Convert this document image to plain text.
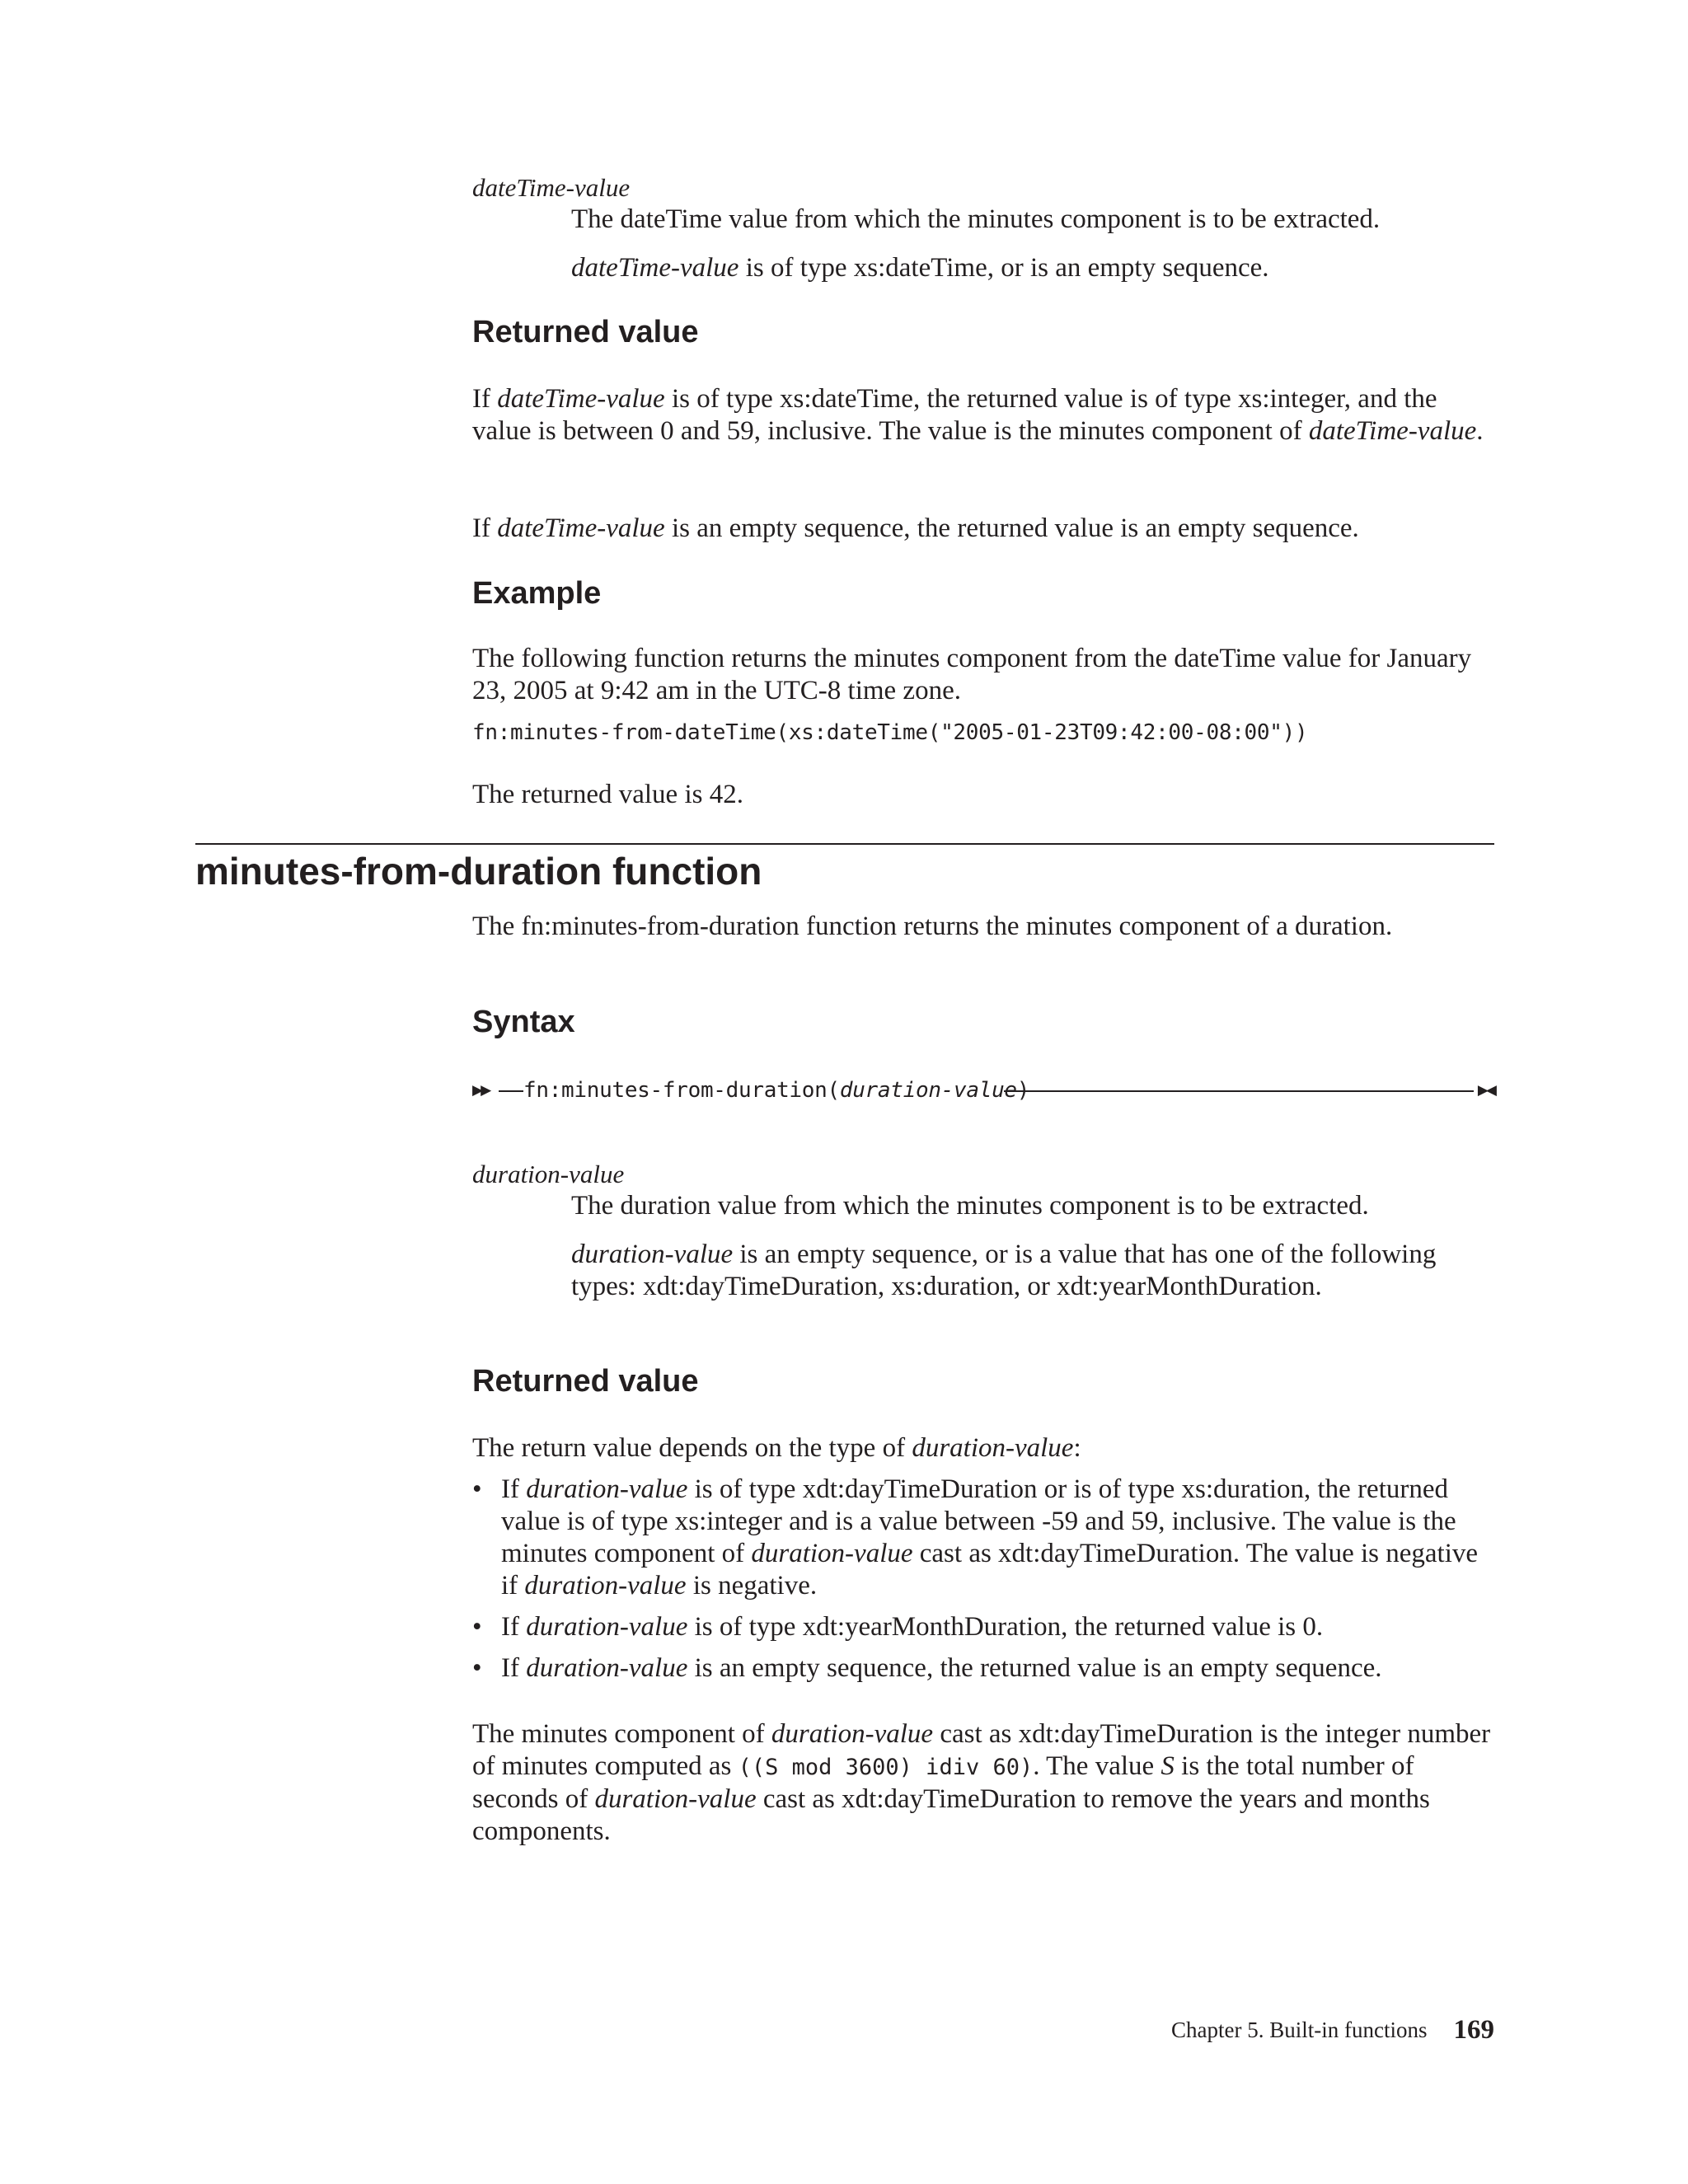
dateTime-value

The dateTime value from which the minutes component is to be extracted.

dateTime-value is of type xs:dateTime, or is an empty sequence.

Returned value

If dateTime-value is of type xs:dateTime, the returned value is of type xs:integer, and the value is between 0 and 59, inclusive. The value is the minutes component of dateTime-value.

If dateTime-value is an empty sequence, the returned value is an empty sequence.

Example
The following function returns the minutes component from the dateTime value for January 23, 2005 at 9:42 am in the UTC-8 time zone.
fn:minutes-from-dateTime(xs:dateTime("2005-01-23T09:42:00-08:00"))
The returned value is 42.
minutes-from-duration function
The fn:minutes-from-duration function returns the minutes component of a duration.
Syntax
▶▶ fn:minutes-from-duration(duration-value)	▶◀
duration-value

The duration value from which the minutes component is to be extracted.

duration-value is an empty sequence, or is a value that has one of the following types: xdt:dayTimeDuration, xs:duration, or xdt:yearMonthDuration.

Returned value

The return value depends on the type of duration-value:

• If duration-value is of type xdt:dayTimeDuration or is of type xs:duration, the returned value is of type xs:integer and is a value between -59 and 59, inclusive. The value is the minutes component of duration-value cast as xdt:dayTimeDuration. The value is negative if duration-value is negative.
• If duration-value is of type xdt:yearMonthDuration, the returned value is 0.
• If duration-value is an empty sequence, the returned value is an empty sequence.

The minutes component of duration-value cast as xdt:dayTimeDuration is the integer number of minutes computed as ((S mod 3600) idiv 60). The value S is the total number of seconds of duration-value cast as xdt:dayTimeDuration to remove the years and months components.

Chapter 5. Built-in functions 169
